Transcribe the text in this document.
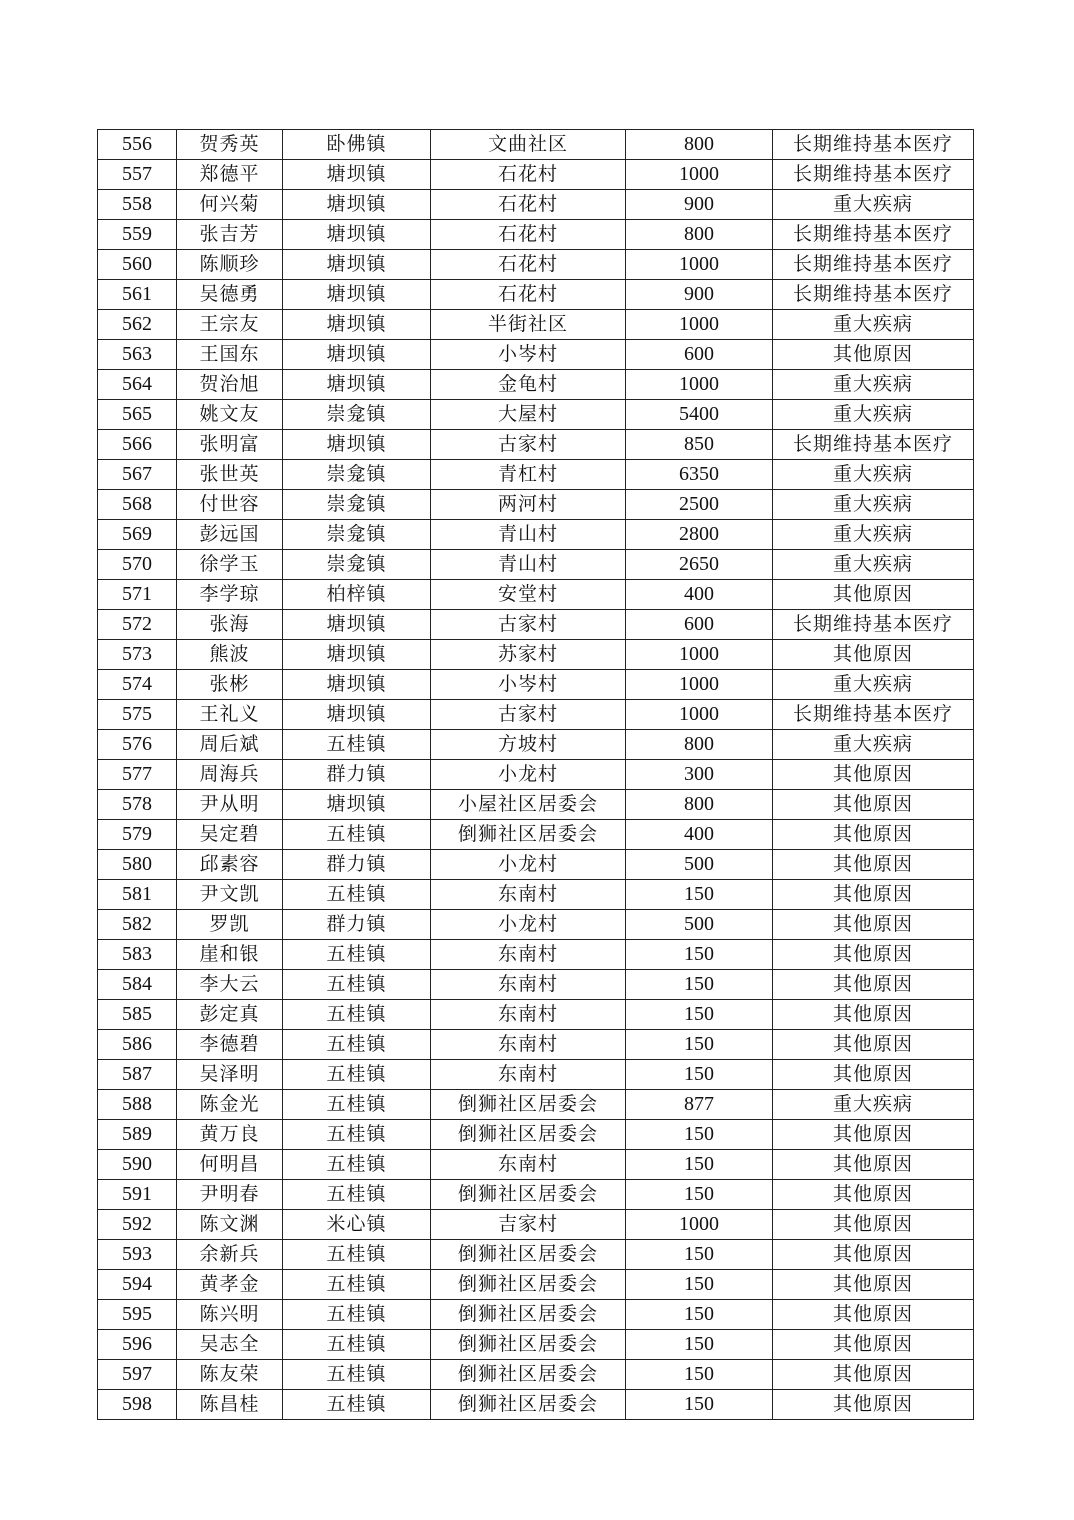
556	贺秀英	卧佛镇	文曲社区	800	长期维持基本医疗
557	郑德平	塘坝镇	石花村	1000	长期维持基本医疗
558	何兴菊	塘坝镇	石花村	900	重大疾病
559	张吉芳	塘坝镇	石花村	800	长期维持基本医疗
560	陈顺珍	塘坝镇	石花村	1000	长期维持基本医疗
561	吴德勇	塘坝镇	石花村	900	长期维持基本医疗
562	王宗友	塘坝镇	半街社区	1000	重大疾病
563	王国东	塘坝镇	小岑村	600	其他原因
564	贺治旭	塘坝镇	金龟村	1000	重大疾病
565	姚文友	崇龛镇	大屋村	5400	重大疾病
566	张明富	塘坝镇	古家村	850	长期维持基本医疗
567	张世英	崇龛镇	青杠村	6350	重大疾病
568	付世容	崇龛镇	两河村	2500	重大疾病
569	彭远国	崇龛镇	青山村	2800	重大疾病
570	徐学玉	崇龛镇	青山村	2650	重大疾病
571	李学琼	柏梓镇	安堂村	400	其他原因
572	张海	塘坝镇	古家村	600	长期维持基本医疗
573	熊波	塘坝镇	苏家村	1000	其他原因
574	张彬	塘坝镇	小岑村	1000	重大疾病
575	王礼义	塘坝镇	古家村	1000	长期维持基本医疗
576	周后斌	五桂镇	方坡村	800	重大疾病
577	周海兵	群力镇	小龙村	300	其他原因
578	尹从明	塘坝镇	小屋社区居委会	800	其他原因
579	吴定碧	五桂镇	倒狮社区居委会	400	其他原因
580	邱素容	群力镇	小龙村	500	其他原因
581	尹文凯	五桂镇	东南村	150	其他原因
582	罗凯	群力镇	小龙村	500	其他原因
583	崖和银	五桂镇	东南村	150	其他原因
584	李大云	五桂镇	东南村	150	其他原因
585	彭定真	五桂镇	东南村	150	其他原因
586	李德碧	五桂镇	东南村	150	其他原因
587	吴泽明	五桂镇	东南村	150	其他原因
588	陈金光	五桂镇	倒狮社区居委会	877	重大疾病
589	黄万良	五桂镇	倒狮社区居委会	150	其他原因
590	何明昌	五桂镇	东南村	150	其他原因
591	尹明春	五桂镇	倒狮社区居委会	150	其他原因
592	陈文渊	米心镇	吉家村	1000	其他原因
593	余新兵	五桂镇	倒狮社区居委会	150	其他原因
594	黄孝金	五桂镇	倒狮社区居委会	150	其他原因
595	陈兴明	五桂镇	倒狮社区居委会	150	其他原因
596	吴志全	五桂镇	倒狮社区居委会	150	其他原因
597	陈友荣	五桂镇	倒狮社区居委会	150	其他原因
598	陈昌桂	五桂镇	倒狮社区居委会	150	其他原因
